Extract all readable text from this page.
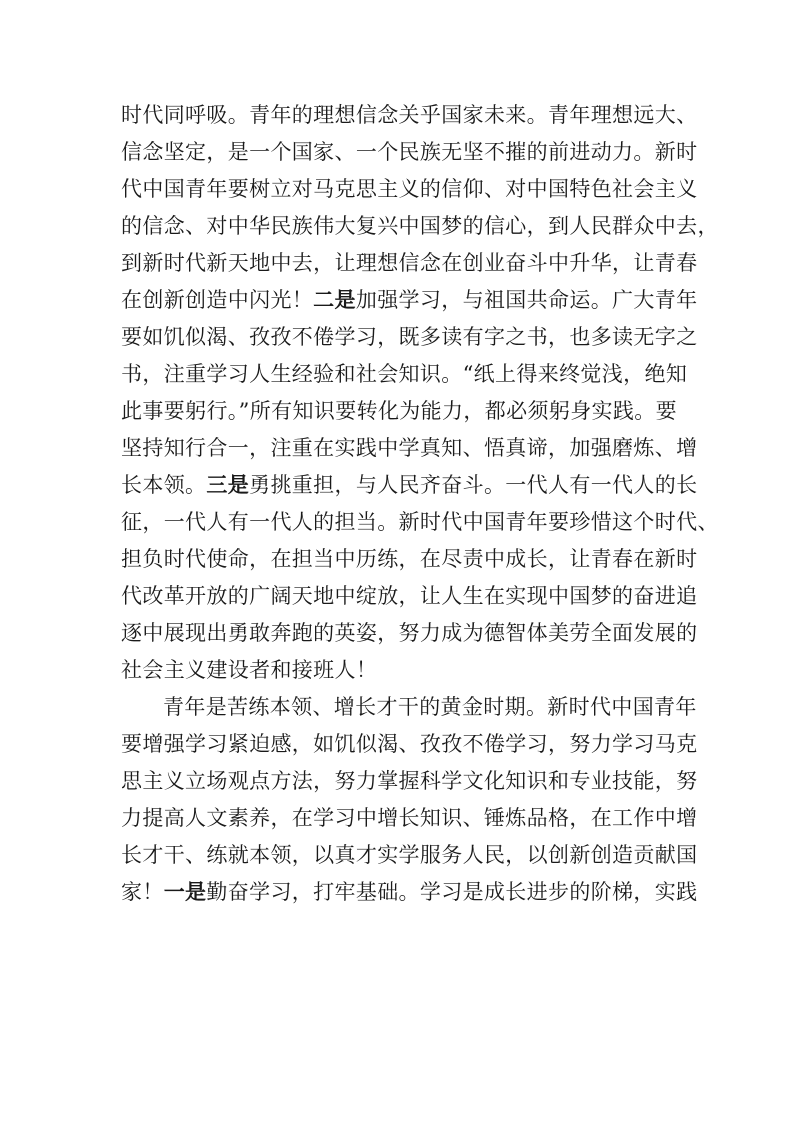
时代同呼吸。青年的理想信念关乎国家未来。青年理想远大、
信念坚定，是一个国家、一个民族无坚不摧的前进动力。新时
代中国青年要树立对马克思主义的信仰、对中国特色社会主义
的信念、对中华民族伟大复兴中国梦的信心，到人民群众中去，
到新时代新天地中去，让理想信念在创业奋斗中升华，让青春
在创新创造中闪光！二是加强学习，与祖国共命运。广大青年
要如饥似渴、孜孜不倦学习，既多读有字之书，也多读无字之
书，注重学习人生经验和社会知识。“纸上得来终觉浅，绝知
此事要躬行。”所有知识要转化为能力，都必须躬身实践。要
坚持知行合一，注重在实践中学真知、悟真谛，加强磨炼、增
长本领。三是勇挑重担，与人民齐奋斗。一代人有一代人的长
征，一代人有一代人的担当。新时代中国青年要珍惜这个时代、
担负时代使命，在担当中历练，在尽责中成长，让青春在新时
代改革开放的广阔天地中绽放，让人生在实现中国梦的奋进追
逐中展现出勇敢奔跑的英姿，努力成为德智体美劳全面发展的
社会主义建设者和接班人！
青年是苦练本领、增长才干的黄金时期。新时代中国青年
要增强学习紧迫感，如饥似渴、孜孜不倦学习，努力学习马克
思主义立场观点方法，努力掌握科学文化知识和专业技能，努
力提高人文素养，在学习中增长知识、锤炼品格，在工作中增
长才干、练就本领，以真才实学服务人民，以创新创造贡献国
家！一是勤奋学习，打牢基础。学习是成长进步的阶梯，实践
